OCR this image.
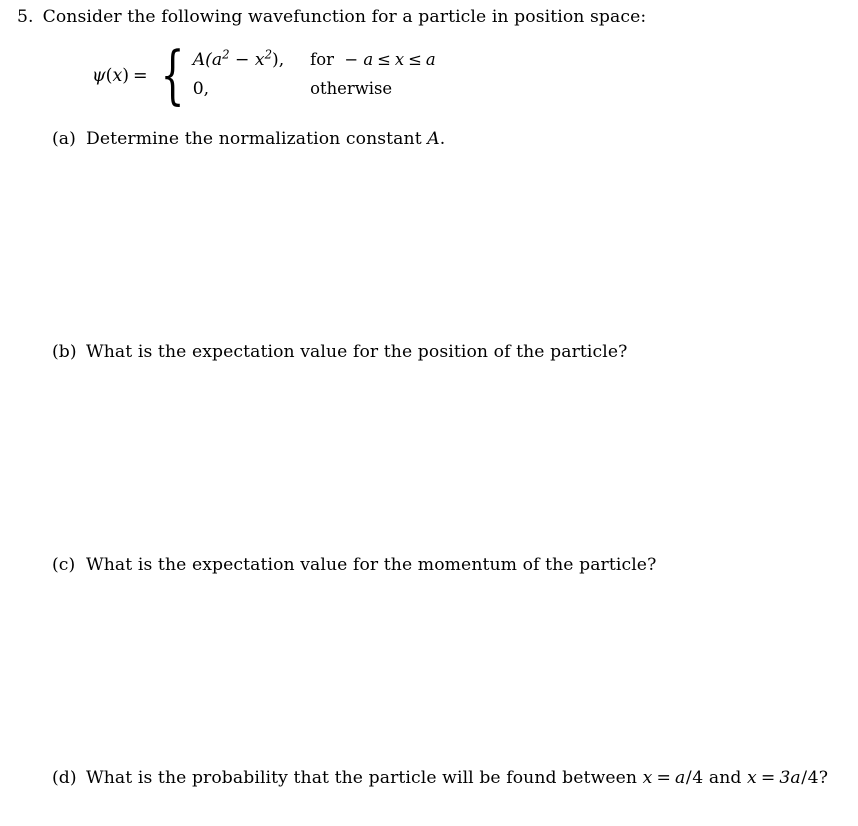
5. Consider the following wavefunction for a particle in position space:
ψ(x) = { $A(a^2 - x^2)$, for − a ≤ x ≤ a
0,	otherwise
(a) Determine the normalization constant A.
(b) What is the expectation value for the position of the particle?
(c) What is the expectation value for the momentum of the particle?
(d) What is the probability that the particle will be found between x = a/4 and x = 3a/4?
